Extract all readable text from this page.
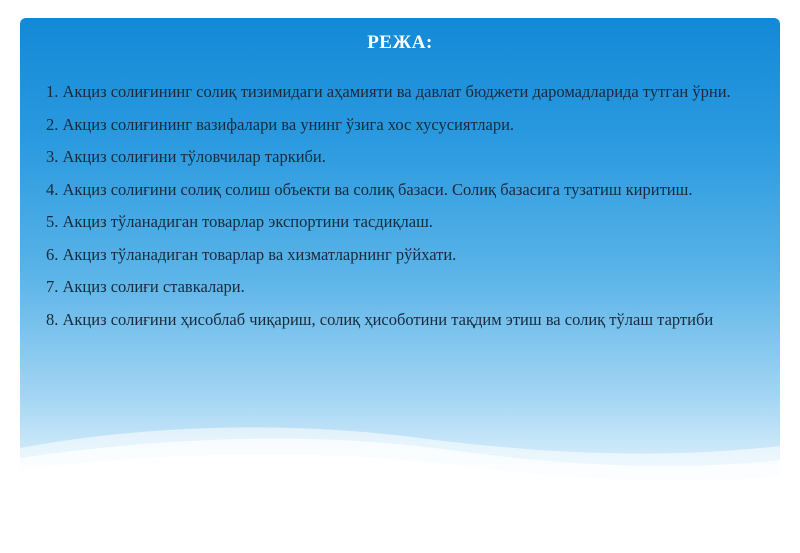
РЕЖА:
1. Акциз солиғининг солиқ тизимидаги аҳамияти ва давлат бюджети даромадларида тутган ўрни.
2. Акциз солиғининг вазифалари ва унинг ўзига хос хусусиятлари.
3. Акциз солиғини тўловчилар таркиби.
4. Акциз солиғини солиқ солиш объекти ва солиқ базаси. Солиқ базасига тузатиш киритиш.
5. Акциз тўланадиган товарлар экспортини тасдиқлаш.
6. Акциз тўланадиган товарлар ва хизматларнинг рўйхати.
7. Акциз солиғи ставкалари.
8. Акциз солиғини ҳисоблаб чиқариш, солиқ ҳисоботини тақдим этиш ва солиқ тўлаш тартиби
